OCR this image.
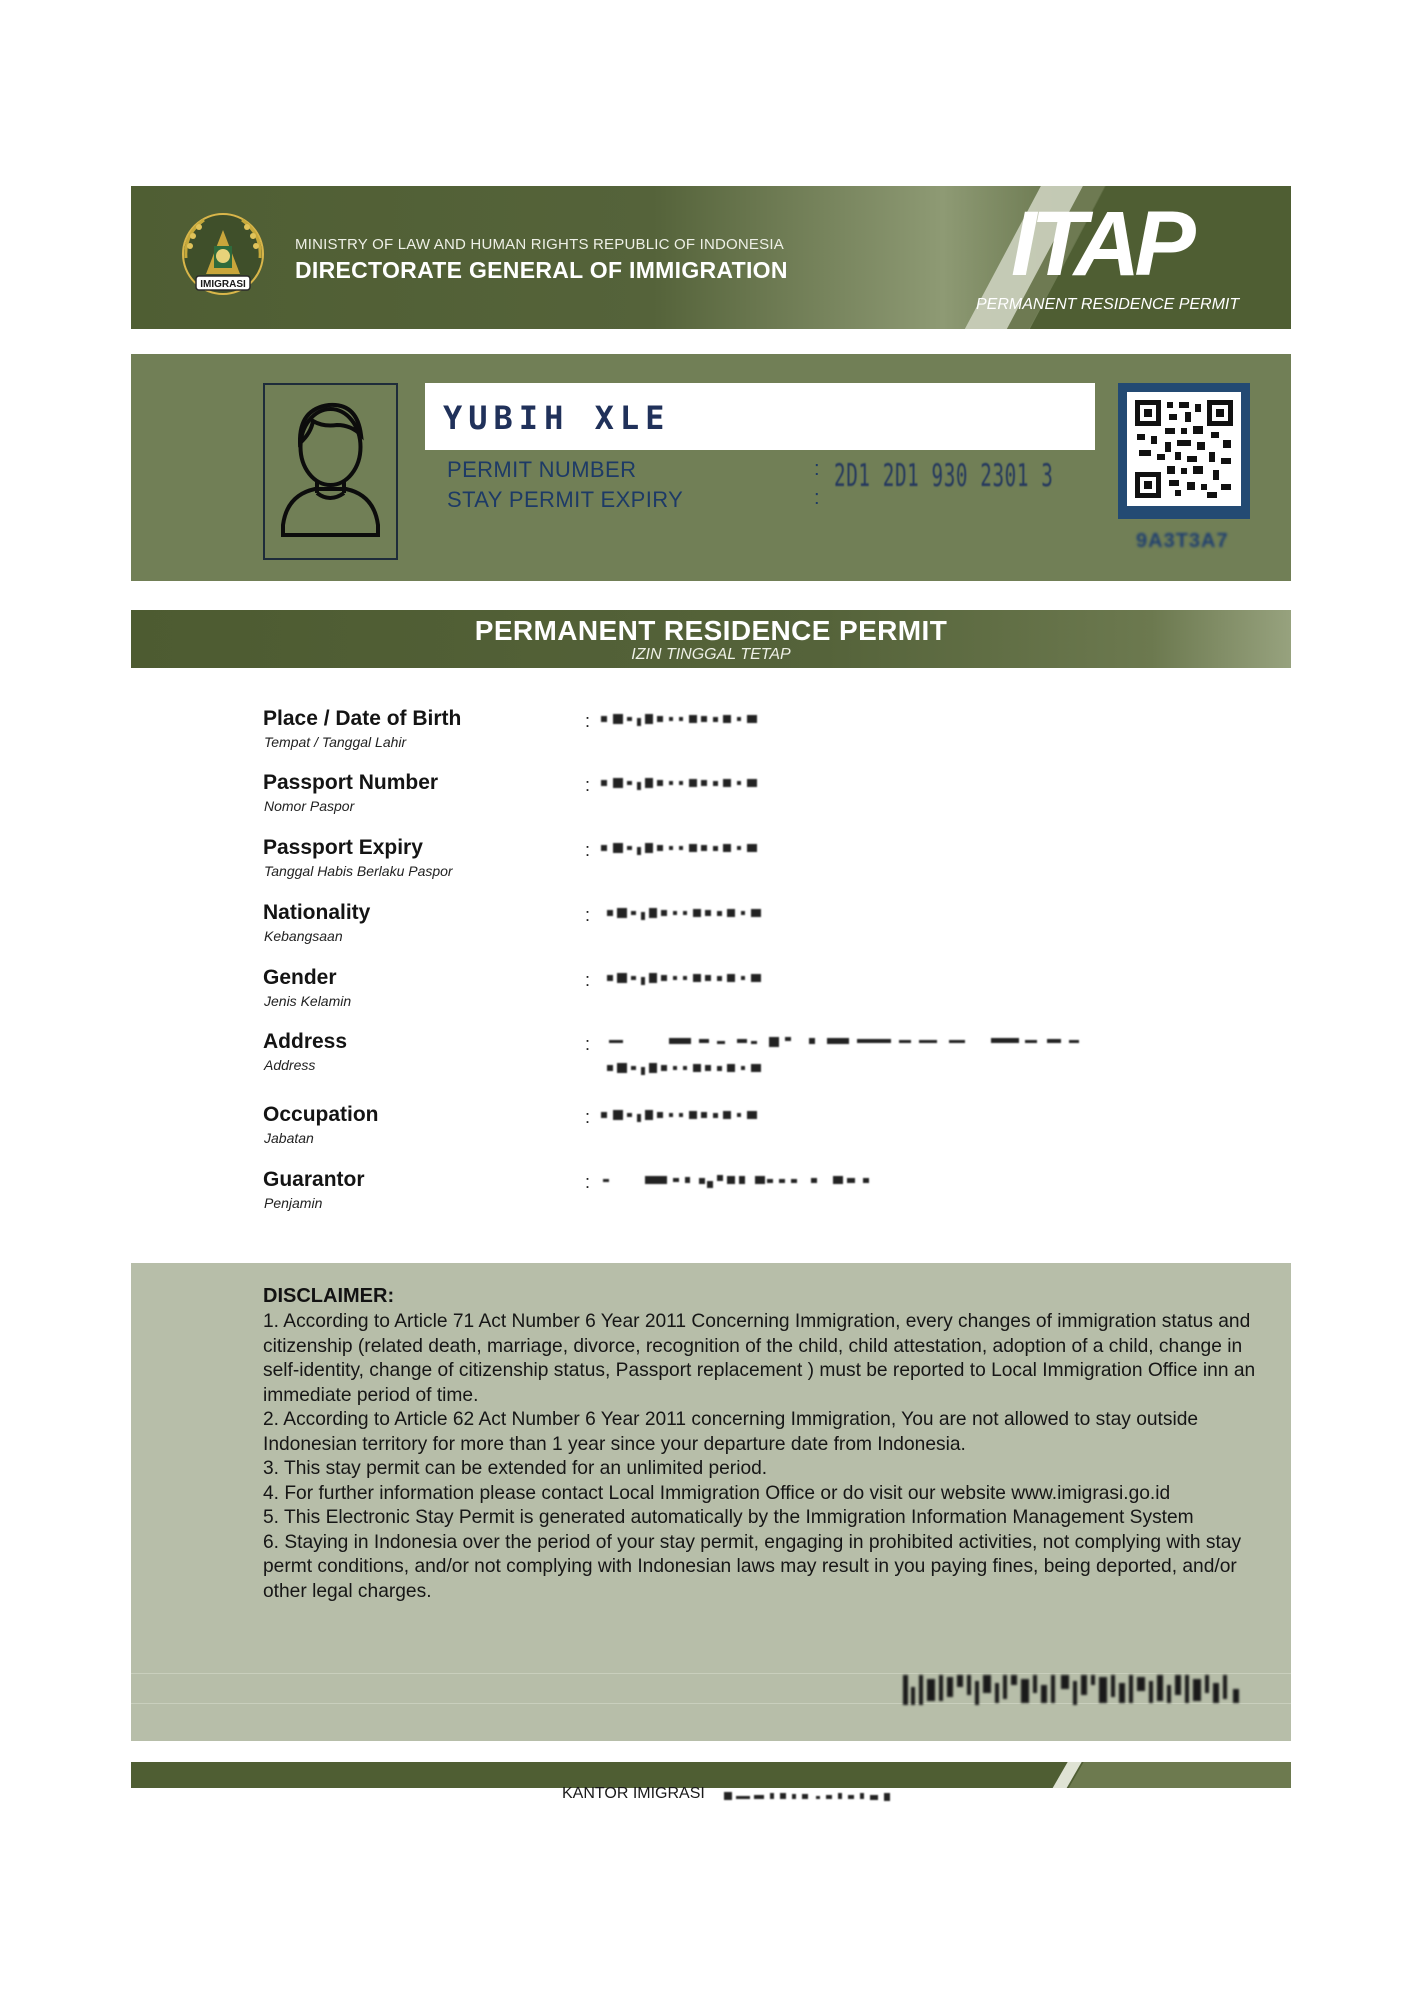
IMIGRASI
MINISTRY OF LAW AND HUMAN RIGHTS REPUBLIC OF INDONESIA
DIRECTORATE GENERAL OF IMMIGRATION ITAP
PERMANENT RESIDENCE PERMIT
YUBIH XLE
PERMIT NUMBER
STAY PERMIT EXPIRY
:
:
2D1 2D1 930 2301 3
9A3T3A7
PERMANENT RESIDENCE PERMIT
IZIN TINGGAL TETAP
Place / Date of Birth
Tempat / Tanggal Lahir
:
Passport Number
Nomor Paspor
:
Passport Expiry
Tanggal Habis Berlaku Paspor
:
Nationality
Kebangsaan
:
Gender
Jenis Kelamin
:
Address
Address
:
Occupation
Jabatan
:
Guarantor
Penjamin
:
DISCLAIMER:
1. According to Article 71 Act Number 6 Year 2011 Concerning Immigration, every changes of immigration status and citizenship (related death, marriage, divorce, recognition of the child, child attestation, adoption of a child, change in self-identity, change of citizenship status, Passport replacement ) must be reported to Local Immigration Office inn an immediate period of time.
2. According to Article 62 Act Number 6 Year 2011 concerning Immigration, You are not allowed to stay outside Indonesian territory for more than 1 year since your departure date from Indonesia.
3. This stay permit can be extended for an unlimited period.
4. For further information please contact Local Immigration Office or do visit our website www.imigrasi.go.id
5. This Electronic Stay Permit is generated automatically by the Immigration Information Management System
6. Staying in Indonesia over the period of your stay permit, engaging in prohibited activities, not complying with stay permt conditions, and/or not complying with Indonesian laws may result in you paying fines, being deported, and/or other legal charges.
KANTOR IMIGRASI
